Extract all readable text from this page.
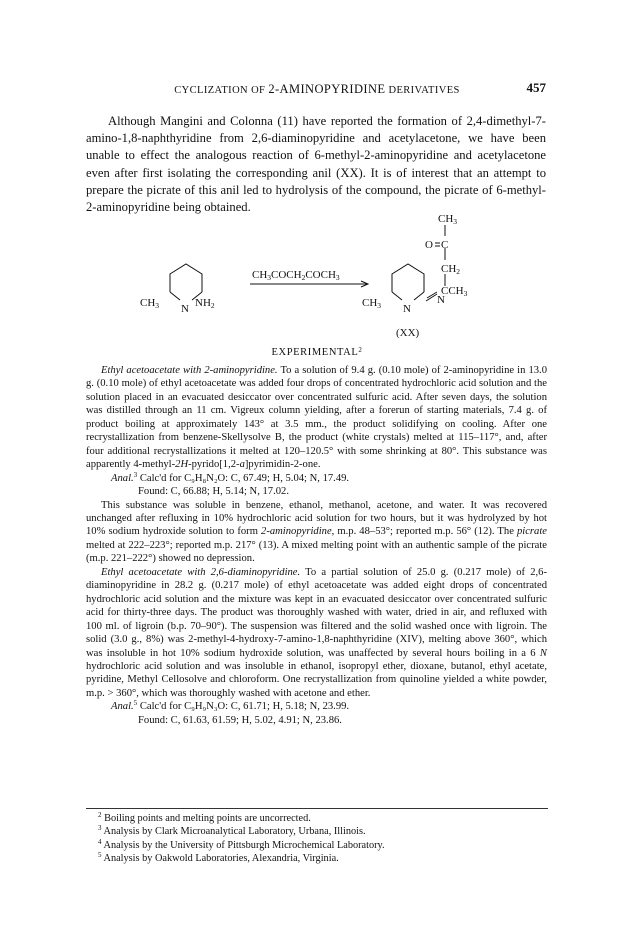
CYCLIZATION OF 2-AMINOPYRIDINE DERIVATIVES	457
Although Mangini and Colonna (11) have reported the formation of 2,4-dimethyl-7-amino-1,8-naphthyridine from 2,6-diaminopyridine and acetylacetone, we have been unable to effect the analogous reaction of 6-methyl-2-aminopyridine and acetylacetone even after first isolating the corresponding anil (XX). It is of interest that an attempt to prepare the picrate of this anil led to hydrolysis of the compound, the picrate of 6-methyl-2-aminopyridine being obtained.
CH3 N NH2
CH3COCH2COCH3
CH3 N
N
CH3
O C
CH2
CCH3
(XX)
EXPERIMENTAL$^2$

Ethyl acetoacetate with 2-aminopyridine. To a solution of 9.4 g. (0.10 mole) of 2-aminopyridine in 13.0 g. (0.10 mole) of ethyl acetoacetate was added four drops of concentrated hydrochloric acid solution and the solution placed in an evacuated desiccator over concentrated sulfuric acid. After seven days, the solution was distilled through an 11 cm. Vigreux column yielding, after a forerun of starting materials, 7.4 g. of product boiling at approximately 143° at 3.5 mm., the product solidifying on cooling. After one recrystallization from benzene-Skellysolve B, the product (white crystals) melted at 115–117°, and, after four additional recrystallizations it melted at 120–120.5° with some shrinking at 80°. This substance was apparently 4-methyl-2H-pyrido[1,2-a]pyrimidin-2-one.

Anal.$^3$ Calc'd for C₉H₈N₂O: C, 67.49; H, 5.04; N, 17.49.

Found: C, 66.88; H, 5.14; N, 17.02.

This substance was soluble in benzene, ethanol, methanol, acetone, and water. It was recovered unchanged after refluxing in 10% hydrochloric acid solution for two hours, but it was hydrolyzed by hot 10% sodium hydroxide solution to form 2-aminopyridine, m.p. 48–53°; reported m.p. 56° (12). The picrate melted at 222–223°; reported m.p. 217° (13). A mixed melting point with an authentic sample of the picrate (m.p. 221–222°) showed no depression.

Ethyl acetoacetate with 2,6-diaminopyridine. To a partial solution of 25.0 g. (0.217 mole) of 2,6-diaminopyridine in 28.2 g. (0.217 mole) of ethyl acetoacetate was added eight drops of concentrated hydrochloric acid solution and the mixture was kept in an evacuated desiccator over concentrated sulfuric acid for thirty-three days. The product was thoroughly washed with water, dried in air, and refluxed with 100 ml. of ligroin (b.p. 70–90°). The suspension was filtered and the solid washed once with ligroin. The solid (3.0 g., 8%) was 2-methyl-4-hydroxy-7-amino-1,8-naphthyridine (XIV), melting above 360°, which was insoluble in hot 10% sodium hydroxide solution, was unaffected by several hours boiling in a 6 N hydrochloric acid solution and was insoluble in ethanol, isopropyl ether, dioxane, butanol, ethyl acetate, pyridine, Methyl Cellosolve and chloroform. One recrystallization from quinoline yielded a white powder, m.p. > 360°, which was thoroughly washed with acetone and ether.

Anal.$^5$ Calc'd for C₉H₉N₃O: C, 61.71; H, 5.18; N, 23.99.

Found: C, 61.63, 61.59; H, 5.02, 4.91; N, 23.86.

$^2$ Boiling points and melting points are uncorrected.
$^3$ Analysis by Clark Microanalytical Laboratory, Urbana, Illinois.
$^4$ Analysis by the University of Pittsburgh Microchemical Laboratory.
$^5$ Analysis by Oakwold Laboratories, Alexandria, Virginia.
